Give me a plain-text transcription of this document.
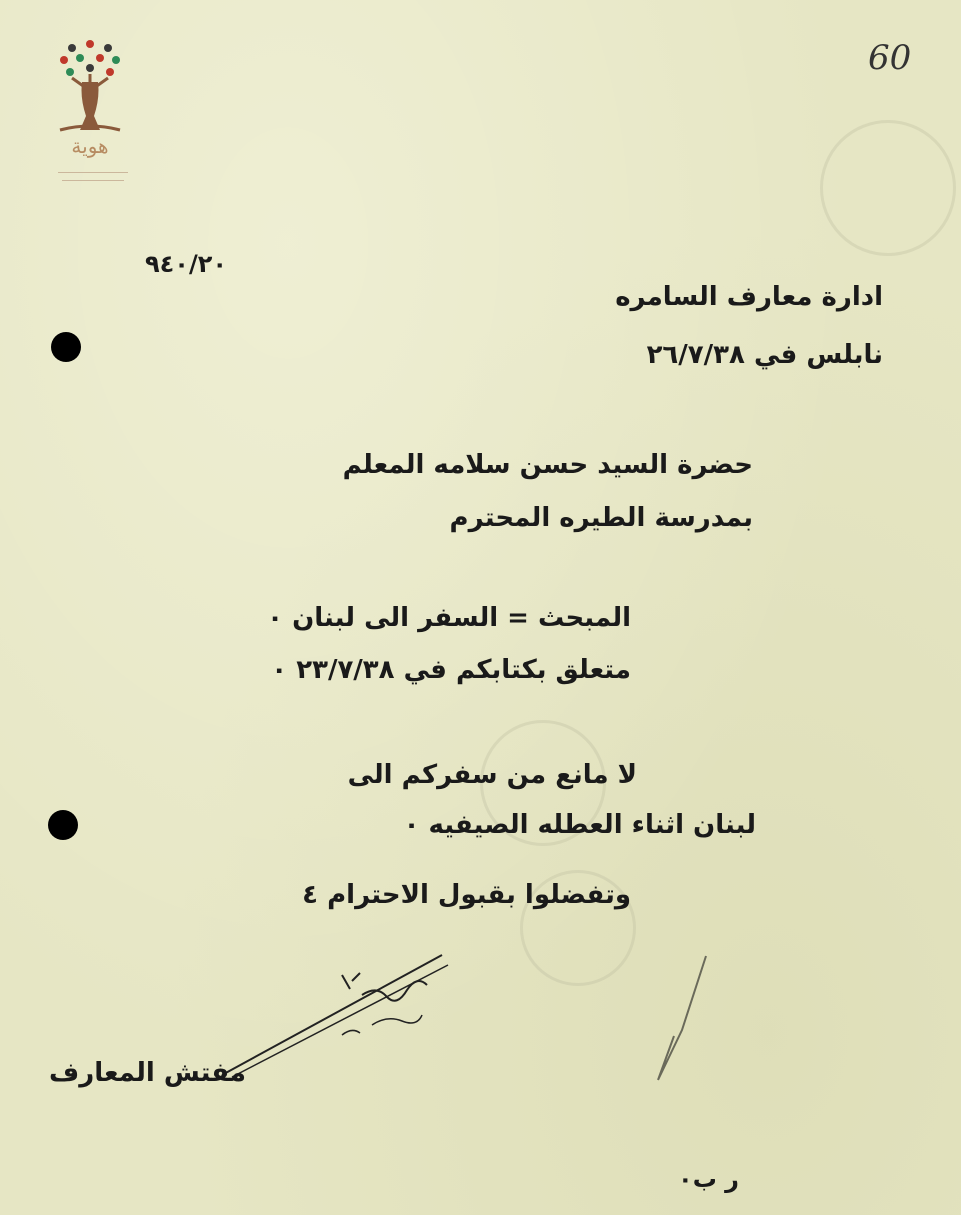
هوية
60
٩٤٠/٢٠
ادارة معارف السامره
نابلس في ٢٦/٧/٣٨
حضرة السيد حسن سلامه المعلم
بمدرسة الطيره المحترم
المبحث = السفر الى لبنان ٠
متعلق بكتابكم في ٢٣/٧/٣٨ ٠
لا مانع من سفركم الى
لبنان اثناء العطله الصيفيه ٠
وتفضلوا بقبول الاحترام ٤
مفتش المعارف
ر ب٠
